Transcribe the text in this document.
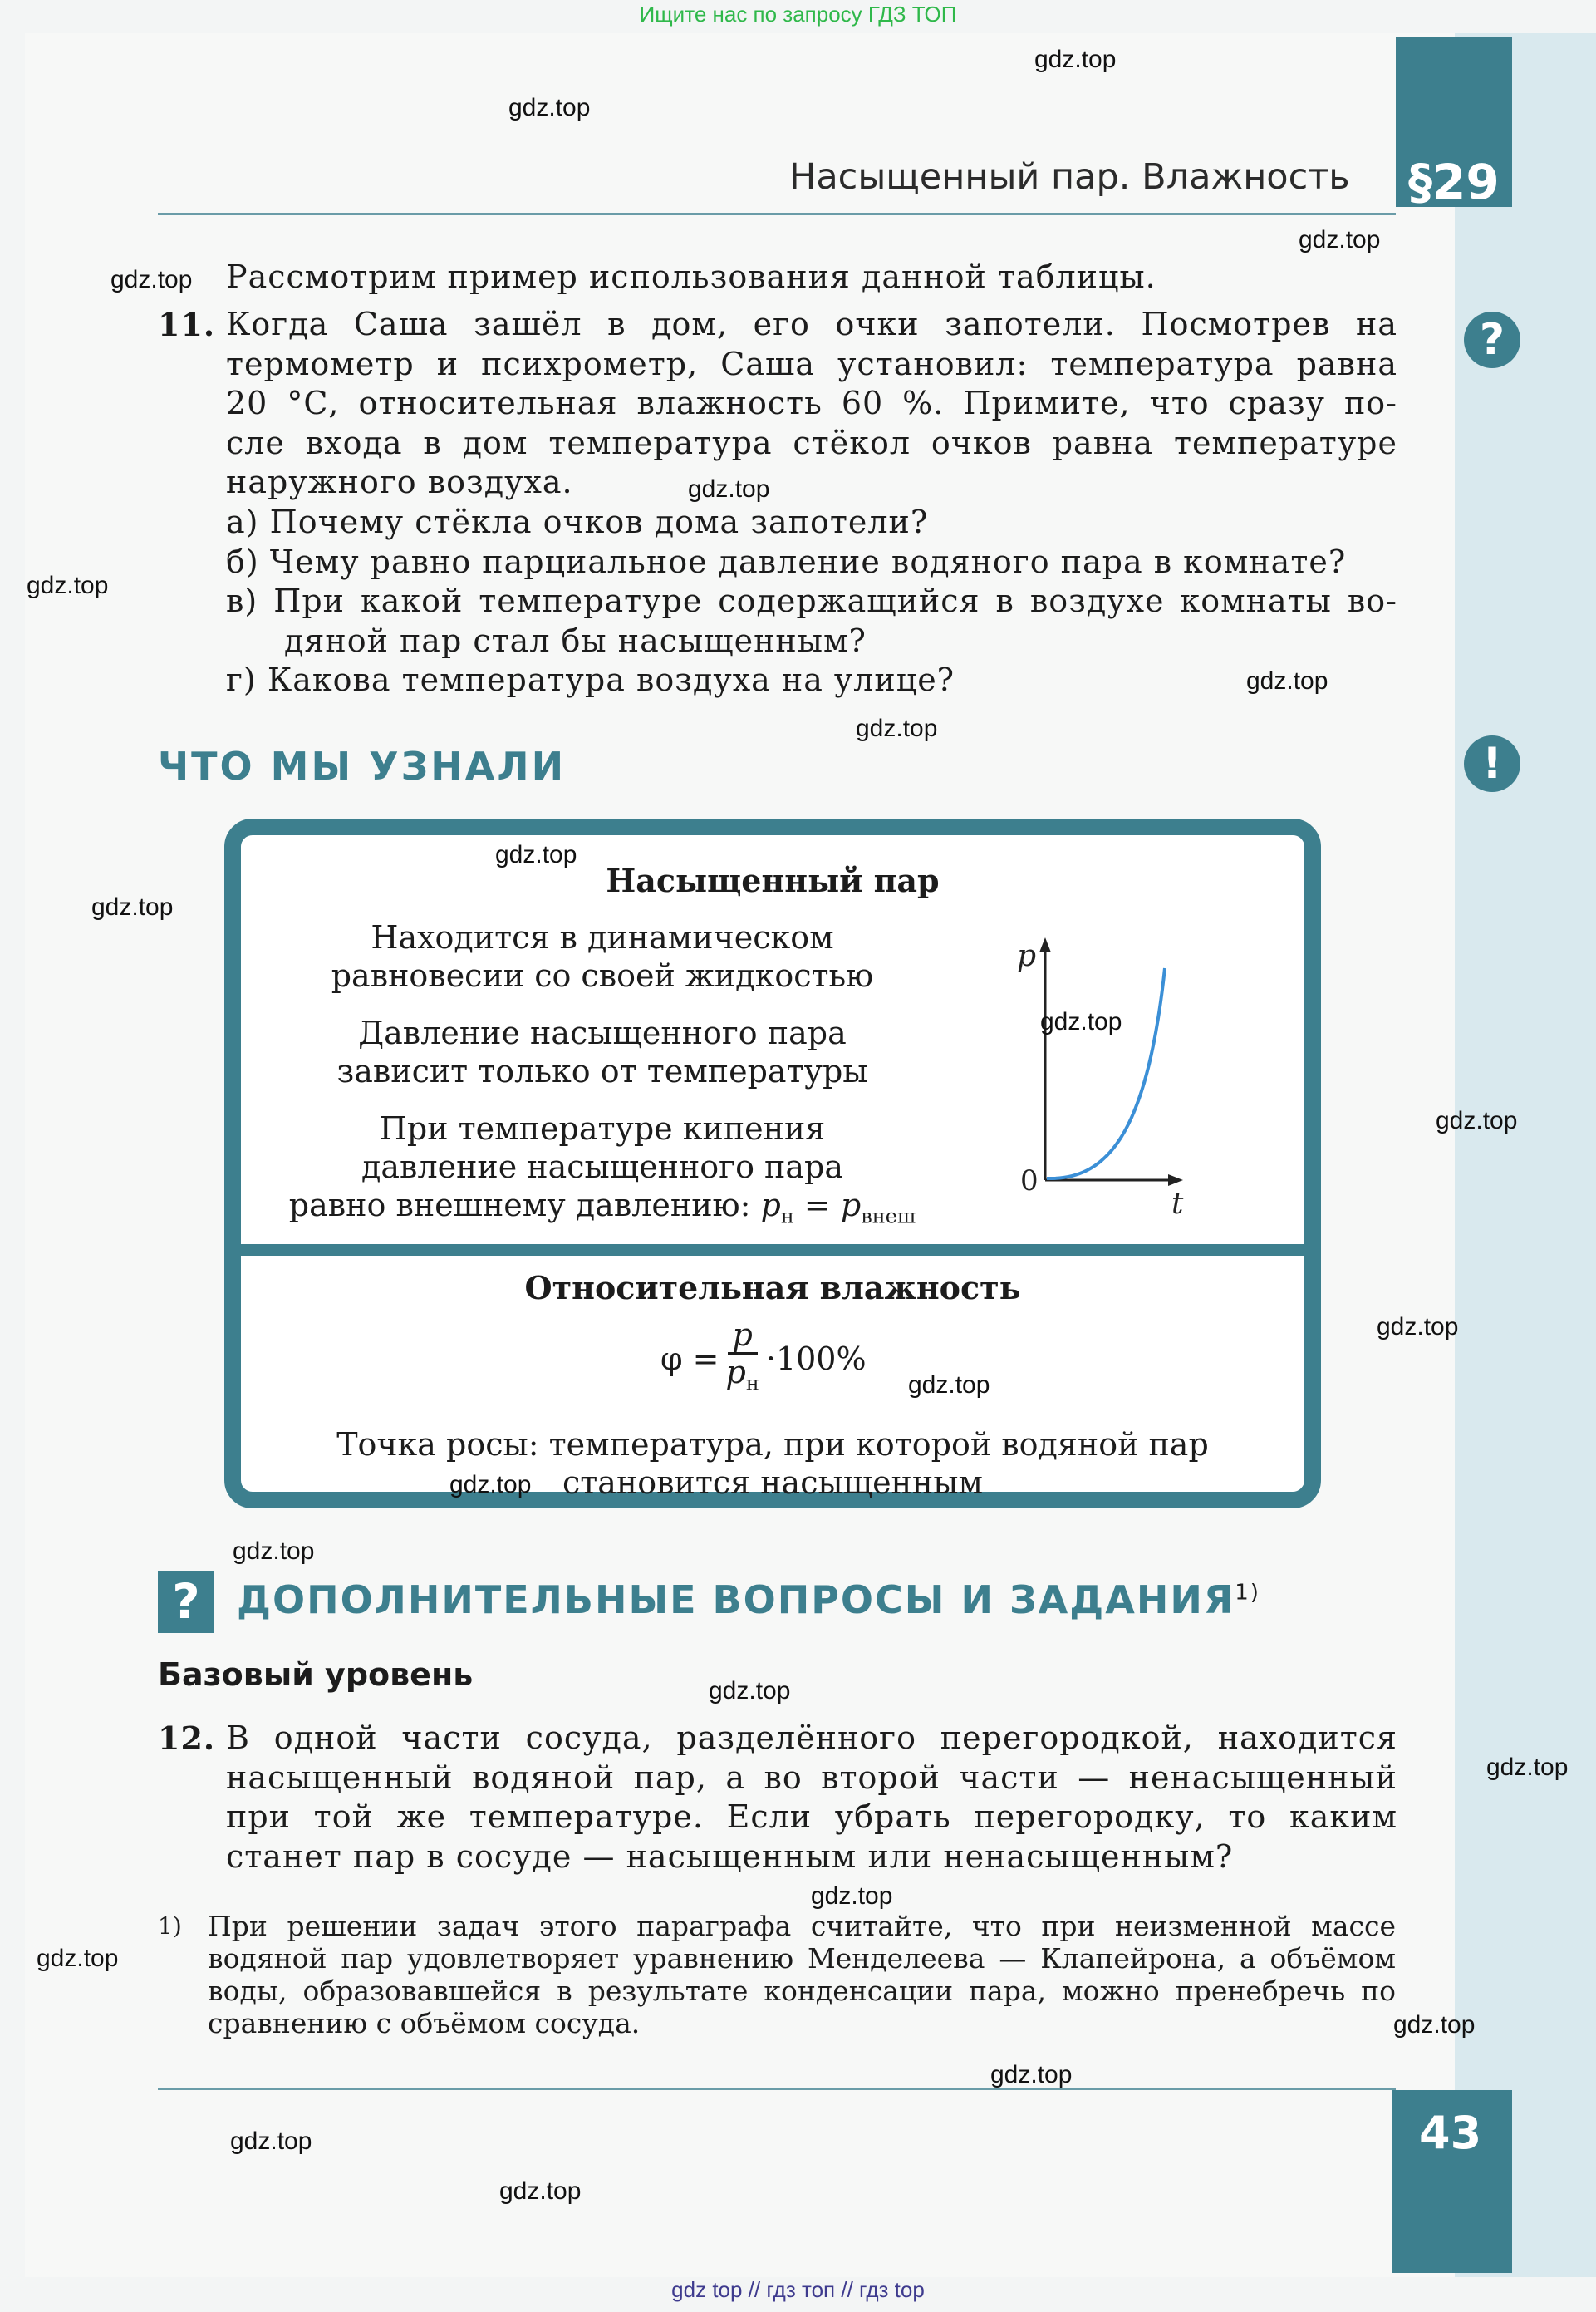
Ищите нас по запросу ГДЗ ТОП
§29
Насыщенный пар. Влажность
?
!
Рассмотрим пример использования данной таблицы.
11. Когда Саша зашёл в дом, его очки запотели. Посмотрев на

термометр и психрометр, Саша установил: температура равна

20 °С, относительная влажность 60 %. Примите, что сразу по-

сле входа в дом температура стёкол очков равна температуре

наружного воздуха.

а) Почему стёкла очков дома запотели?

б) Чему равно парциальное давление водяного пара в комнате?

в) При какой температуре содержащийся в воздухе комнаты во-

дяной пар стал бы насыщенным?

г) Какова температура воздуха на улице?

ЧТО МЫ УЗНАЛИ
Насыщенный пар
Находится в динамическом
равновесии со своей жидкостью
Давление насыщенного пара
зависит только от температуры
При температуре кипения
давление насыщенного пара
равно внешнему давлению: $p_н = p_{внеш}$
p
t
0
Относительная влажность
φ =
p
$p_н$
·100%
Точка росы: температура, при которой водяной пар
становится насыщенным
? ДОПОЛНИТЕЛЬНЫЕ ВОПРОСЫ И ЗАДАНИЯ$^{1)}$
Базовый уровень
12. В одной части сосуда, разделённого перегородкой, находится

насыщенный водяной пар, а во второй части — ненасыщенный

при той же температуре. Если убрать перегородку, то каким

станет пар в сосуде — насыщенным или ненасыщенным?

1) При решении задач этого параграфа считайте, что при неизменной массе
водяной пар удовлетворяет уравнению Менделеева — Клапейрона, а объёмом
воды, образовавшейся в результате конденсации пара, можно пренебречь по
сравнению с объёмом сосуда.
43
gdz.top
gdz.top
gdz.top
gdz.top
gdz.top
gdz.top
gdz.top
gdz.top
gdz.top
gdz.top
gdz.top
gdz.top
gdz.top
gdz.top
gdz.top
gdz.top
gdz.top
gdz.top
gdz.top
gdz.top
gdz.top
gdz.top
gdz.top
gdz.top
gdz top // гдз топ // гдз top
